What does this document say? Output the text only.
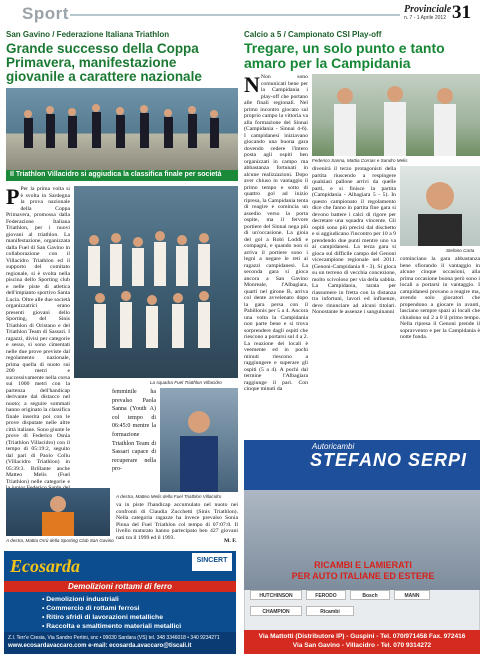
Sport	Provinciale
n. 7 - 1 Aprile 2012 31
San Gavino / Federazione Italiana Triathlon
Grande successo della Coppa Primavera, manifestazione giovanile a carattere nazionale
Il Triathlon Villacidro si aggiudica la classifica finale per società
P Per la prima volta si è svolta in Sardegna la prova nazionale della Coppa Primavera, promossa dalla Federazione Italiana Triathlon, per i nuovi giovani al triathlon. La manifestazione, organizzata dalla Fuel di San Gavino in collaborazione con il Villacidro Triathlon ed il supporto del comitato regionale, si è svolta nella piscina dello Sporting club e nelle piste di atletica dell'impianto sportivo Santa Lucia. Oltre alle due società organizzatrici erano presenti giovani dello Sporting, del Sinis Triathlon di Oristano e del Triathlon Team di Sassari. I ragazzi, divisi per categorie e sesso, si sono cimentati nelle due prove previste dal regolamento nazionale, prima quella di nuoto sui 200 metri e successivamente nella corsa sui 1000 metri con la partenza dell'handicap derivante dal distacco nel nuoto; a seguire sommati hanno originato la classifica finale inserita poi con le prove disputate nelle altre città italiane. Sono giunte le prove di Federico Osnia (Triathlon Villacidro) con il tempo di 05:19:2, seguito dal pari di Paolo Collu (Villacidro Triathlon) in 05:39:3. Brillante anche Matteo Melis (Fuel Triathlon) nelle categorie e
La squadra Fuel Triathlon Villacidro
femminile ha prevalso Paola Sanna (Youth A) col tempo di 06:45:0 mentre la formazione Triathlon Team di Sassari capace di recuperare nella pro-
A destra, Mattia Orrù della Sporting Club San Gavino
A destra, Matteo Melis della Fuel Triathlon Villacidro
va in piste l'handicap accumulato nel nuoto nei confronti di Claudia Zucchetti (Sinis Triathlon). Nella categoria ragazze ha invece prevalso Sonia Pinna del Fuel Triathlon col tempo di 07:07:0. Il livello maturato hanno partecipato ben 427 giovani nati tra il 1999 ed il 1993.
M. F.
Ecosarda	SINCERT
Demolizioni rottami di ferro
• Demolizioni industriali
• Commercio di rottami ferrosi
• Ritiro sfridi di lavorazioni metalliche
• Raccolta e smaltimento materiali metallici
Z.I. Terr'e Cresia, Via Sandro Pertini, snc • 09030 Sardara (VS) tel. 348 3346018 • 340 9234271
www.ecosardavaccaro.com e-mail: ecosarda.avaccaro@tiscali.it
Calcio a 5 / Campionato CSI Play-off
Tregare, un solo punto e tanto amaro per la Campidania
N Non sono comunicati bene per la Campidania i play-off che portano alle finali regionali. Nel primo incontro giocato sul proprio campo la vittoria va alla formazione del Sinnai (Campidania - Sinnai 4-6). I campidanesi iniziavano giocando una buona gara dovendo cedere l'intero posta agli ospiti ben organizzati in campo ma abbastanza fortunati in alcune realizzazioni. Dopo aver chiuso in vantaggio il primo tempo e sotto di quattro gol ad inizio ripresa, la Campidania tenta di reagire e comincia un assedio verso la porta ospite, ma il fervore portiere del Sinnai nega più di un'occasione. La gioia del gol a Robi Loddi e compagni, e quando non si arriva il portiere sono i legni a negare le reti ai ragazzi campidanesi. La seconda gara si gioca ancora a San Gavino Monreale, l'Albagiara, quarti nel girone B, arriva col dente avvelenato dopo la gara persa con il Pabillonis per 5 a 4. Ancora una volta la Campidania non parte bene e si trova sorprendere dagli ospiti che riescono a portarsi sul 4 a 2. La reazione dei locali è veemente ed in pochi minuti riescono a raggiungere e superare gli ospiti (5 a 4). A pochi dal termine l'Albagiara raggiunge il pari. Con cinque minuti da
Federico Sanna, Mattia Corrias e Sandro Melis
divenirà il terzo protagonisti della partita riuscendo a respingere qualsiasi pallone arrivi da quelle parti, e si finisce la partita (Campidania - Albagiara 5 - 5). In questo campionato il regolamento dice che fanno in partita fine gara si devono battere i calci di rigore per decretare una squadra vincente. Gli ospiti sono più precisi dal dischetto e si aggiudicano l'incontro per 10 a 9 prendendo due punti mentre uno va ai campidanesi. La terza gara si gioca sul difficile campo del Genoni vicecampione regionale nel 2011. (Genoni-Campidania 8 - 3). Si gioca su un terreno di vecchia concezione, molto scivoloso per via della sabbia. La Campidania, tarata per riassumere in fretta con la distanza tra infortuni, lavori ed influenze, deve rinunciare ad alcuni titolari. Nonostante le assenze i sanguinanni
Stefano Carta
cominciano la gara abbastanza bene sfiorando il vantaggio in alcune cinque occasioni, alla prima occasione buona però sono i locali a portarsi in vantaggio. I campidanesi provano a reagire ma, avendo solo giocatori che propendono a giocare in avanti, lasciano sempre spazi ai locali che chiudono sul 2 a 0 il primo tempo. Nella ripresa il Genoni prende il sopravvento e per la Campidania è notte fonda.
Autoricambi
STEFANO SERPI
RICAMBI E LAMIERATI
PER AUTO ITALIANE ED ESTERE
HUTCHINSON	FERODO	Bosch	MANN
CHAMPION	Ricambi
Via Mattotti (Distributore IP) - Guspini - Tel. 070/971458 Fax. 972416
Via San Gavino - Villacidro - Tel. 070 9314272
